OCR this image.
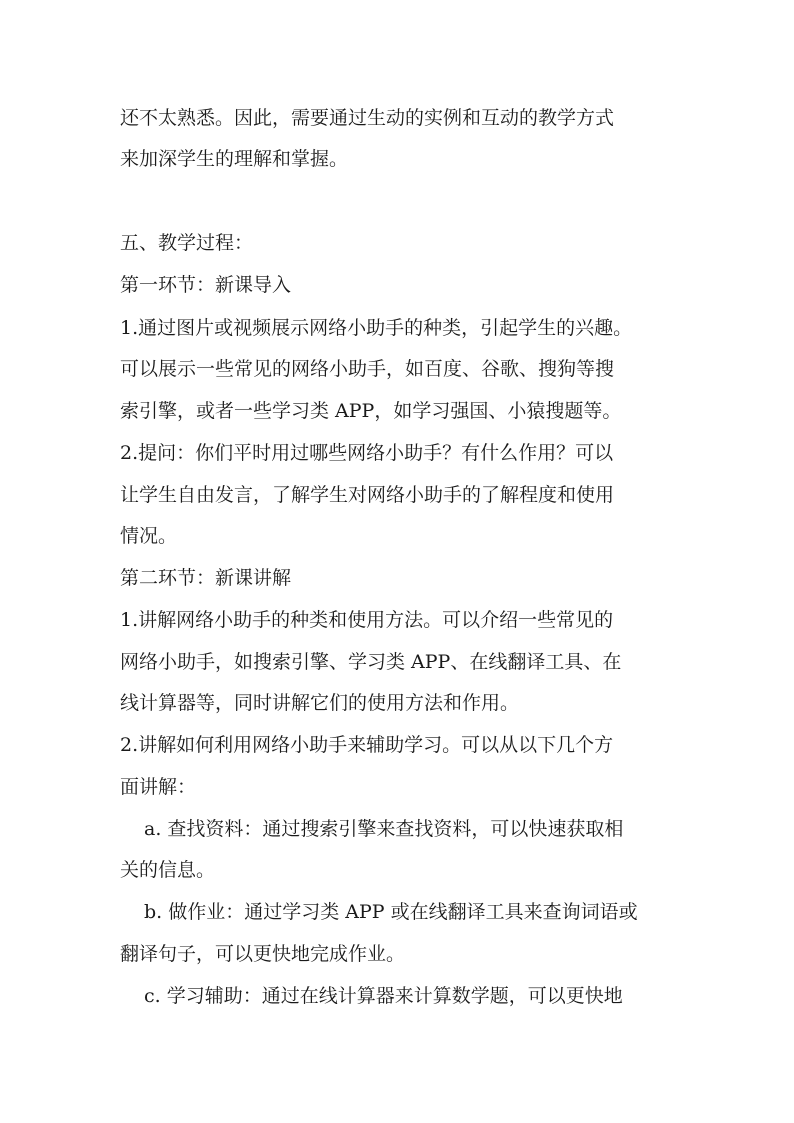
还不太熟悉。因此，需要通过生动的实例和互动的教学方式
来加深学生的理解和掌握。
五、教学过程：
第一环节：新课导入
1.通过图片或视频展示网络小助手的种类，引起学生的兴趣。
可以展示一些常见的网络小助手，如百度、谷歌、搜狗等搜
索引擎，或者一些学习类 APP，如学习强国、小猿搜题等。
2.提问：你们平时用过哪些网络小助手？有什么作用？可以
让学生自由发言，了解学生对网络小助手的了解程度和使用
情况。
第二环节：新课讲解
1.讲解网络小助手的种类和使用方法。可以介绍一些常见的
网络小助手，如搜索引擎、学习类 APP、在线翻译工具、在
线计算器等，同时讲解它们的使用方法和作用。
2.讲解如何利用网络小助手来辅助学习。可以从以下几个方
面讲解：
a. 查找资料：通过搜索引擎来查找资料，可以快速获取相
关的信息。
b. 做作业：通过学习类 APP 或在线翻译工具来查询词语或
翻译句子，可以更快地完成作业。
c. 学习辅助：通过在线计算器来计算数学题，可以更快地
